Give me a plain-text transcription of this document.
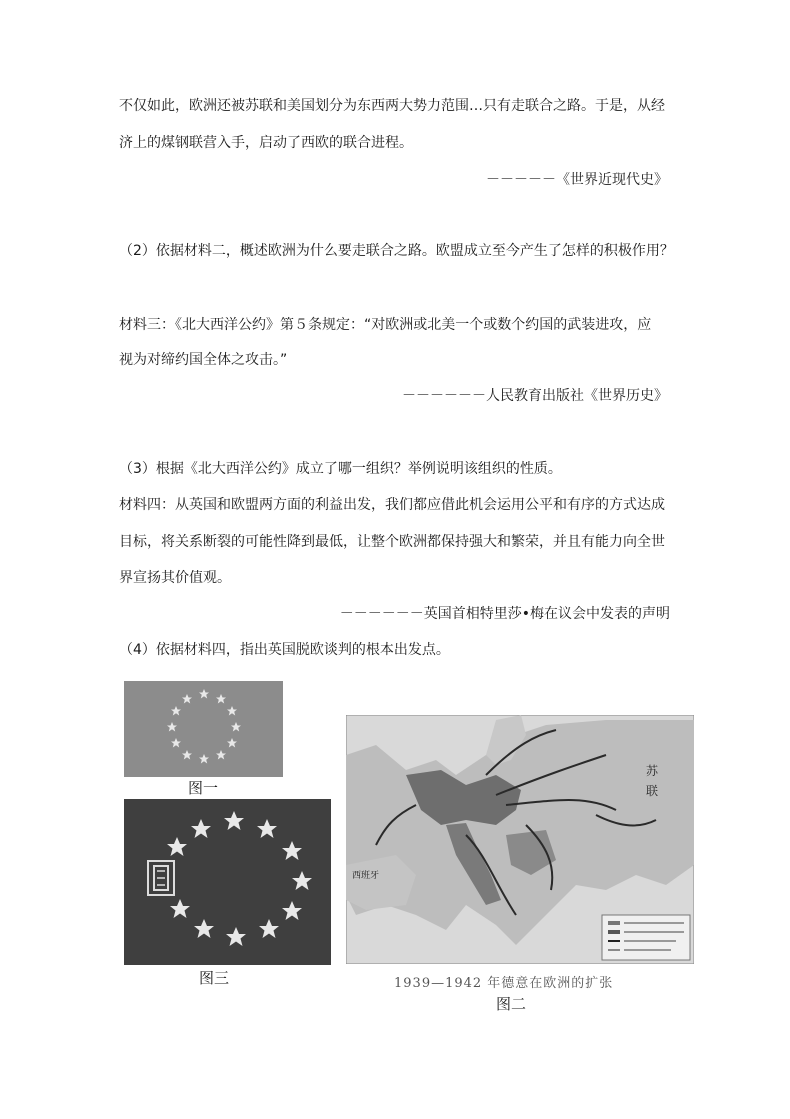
不仅如此，欧洲还被苏联和美国划分为东西两大势力范围…只有走联合之路。于是，从经
济上的煤钢联营入手，启动了西欧的联合进程。
－－－－－《世界近现代史》
（2）依据材料二，概述欧洲为什么要走联合之路。欧盟成立至今产生了怎样的积极作用？
材料三：《北大西洋公约》第５条规定：“对欧洲或北美一个或数个约国的武装进攻，应
视为对缔约国全体之攻击。”
－－－－－－人民教育出版社《世界历史》
（3）根据《北大西洋公约》成立了哪一组织？举例说明该组织的性质。
材料四：从英国和欧盟两方面的利益出发，我们都应借此机会运用公平和有序的方式达成
目标，将关系断裂的可能性降到最低，让整个欧洲都保持强大和繁荣，并且有能力向全世
界宣扬其价值观。
－－－－－－英国首相特里莎•梅在议会中发表的声明
（4）依据材料四，指出英国脱欧谈判的根本出发点。
图一
图三
苏
联
西班牙
1939—1942 年德意在欧洲的扩张
图二
